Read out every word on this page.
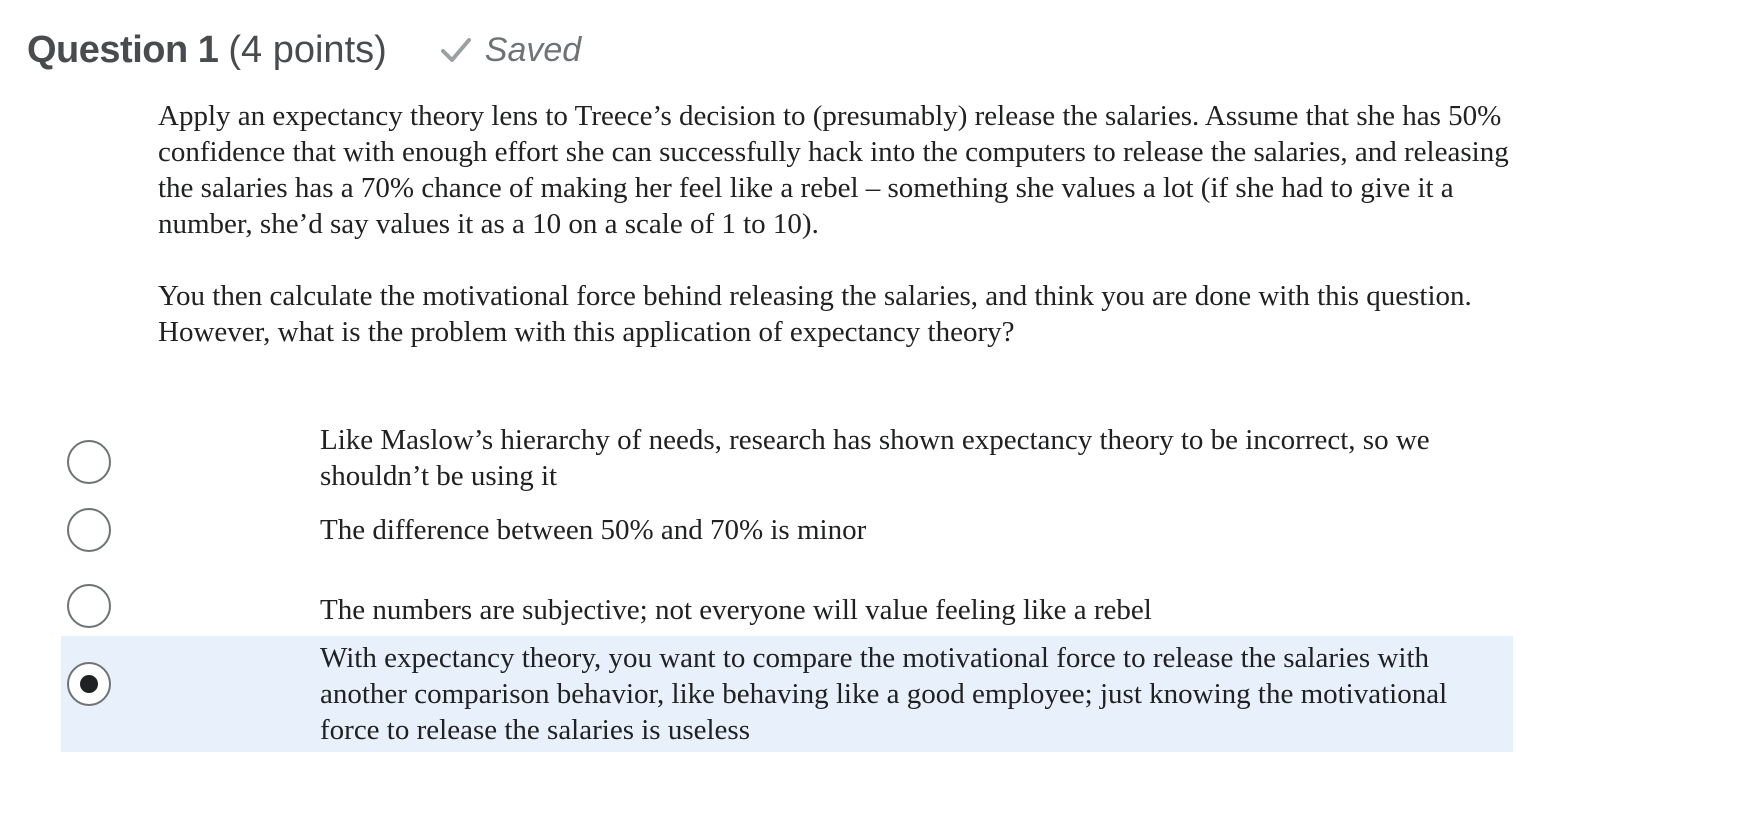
Question 1 (4 points)	Saved

Apply an expectancy theory lens to Treece’s decision to (presumably) release the salaries. Assume that she has 50% confidence that with enough effort she can successfully hack into the computers to release the salaries, and releasing the salaries has a 70% chance of making her feel like a rebel – something she values a lot (if she had to give it a number, she’d say values it as a 10 on a scale of 1 to 10).

You then calculate the motivational force behind releasing the salaries, and think you are done with this question. However, what is the problem with this application of expectancy theory?

Like Maslow’s hierarchy of needs, research has shown expectancy theory to be incorrect, so we shouldn’t be using it
The difference between 50% and 70% is minor
The numbers are subjective; not everyone will value feeling like a rebel
With expectancy theory, you want to compare the motivational force to release the salaries with another comparison behavior, like behaving like a good employee; just knowing the motivational force to release the salaries is useless
